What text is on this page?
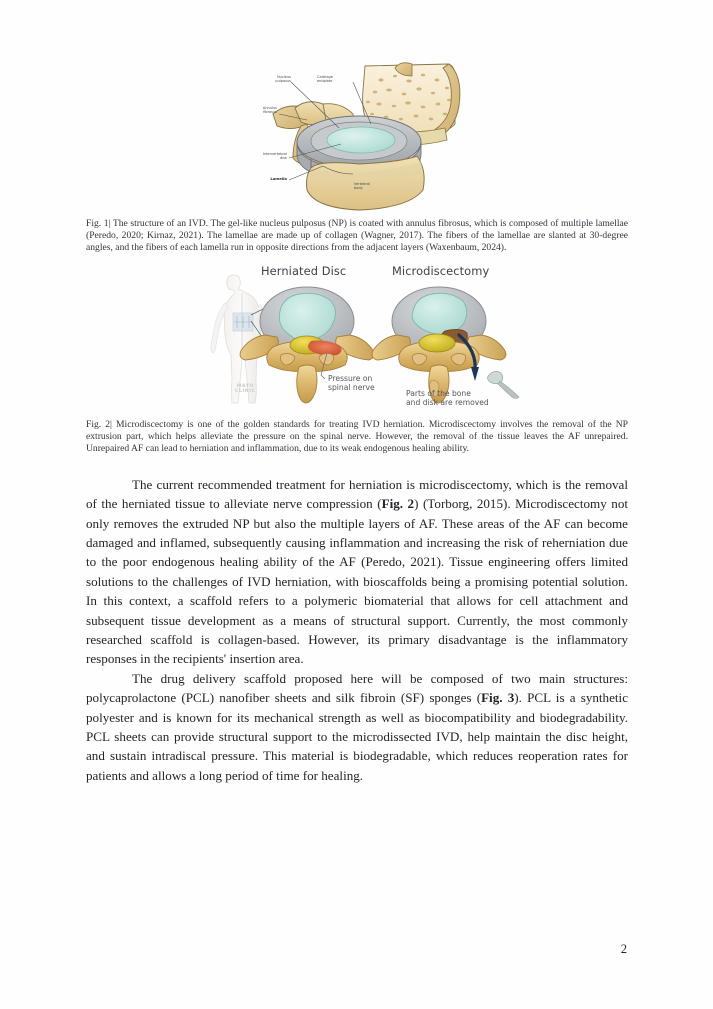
Nucleus
pulposus
Cartilage
endplate
Annulus
fibrosus
Intervertebral
disk
Lamella
Vertebral
body

Fig. 1| The structure of an IVD. The gel-like nucleus pulposus (NP) is coated with annulus fibrosus, which is composed of multiple lamellae (Peredo, 2020; Kirnaz, 2021). The lamellae are made up of collagen (Wagner, 2017). The fibers of the lamellae are slanted at 30-degree angles, and the fibers of each lamella run in opposite directions from the adjacent layers (Waxenbaum, 2024).

Herniated Disc	Microdiscectomy
Pressure on
spinal nerve
Parts of the bone
and disk are removed
MAYO
CLINIC

Fig. 2| Microdiscectomy is one of the golden standards for treating IVD herniation. Microdiscectomy involves the removal of the NP extrusion part, which helps alleviate the pressure on the spinal nerve. However, the removal of the tissue leaves the AF unrepaired. Unrepaired AF can lead to herniation and inflammation, due to its weak endogenous healing ability.

The current recommended treatment for herniation is microdiscectomy, which is the removal of the herniated tissue to alleviate nerve compression (Fig. 2) (Torborg, 2015). Microdiscectomy not only removes the extruded NP but also the multiple layers of AF. These areas of the AF can become damaged and inflamed, subsequently causing inflammation and increasing the risk of reherniation due to the poor endogenous healing ability of the AF (Peredo, 2021). Tissue engineering offers limited solutions to the challenges of IVD herniation, with bioscaffolds being a promising potential solution. In this context, a scaffold refers to a polymeric biomaterial that allows for cell attachment and subsequent tissue development as a means of structural support. Currently, the most commonly researched scaffold is collagen-based. However, its primary disadvantage is the inflammatory responses in the recipients' insertion area.

The drug delivery scaffold proposed here will be composed of two main structures: polycaprolactone (PCL) nanofiber sheets and silk fibroin (SF) sponges (Fig. 3). PCL is a synthetic polyester and is known for its mechanical strength as well as biocompatibility and biodegradability. PCL sheets can provide structural support to the microdissected IVD, help maintain the disc height, and sustain intradiscal pressure. This material is biodegradable, which reduces reoperation rates for patients and allows a long period of time for healing.

2
